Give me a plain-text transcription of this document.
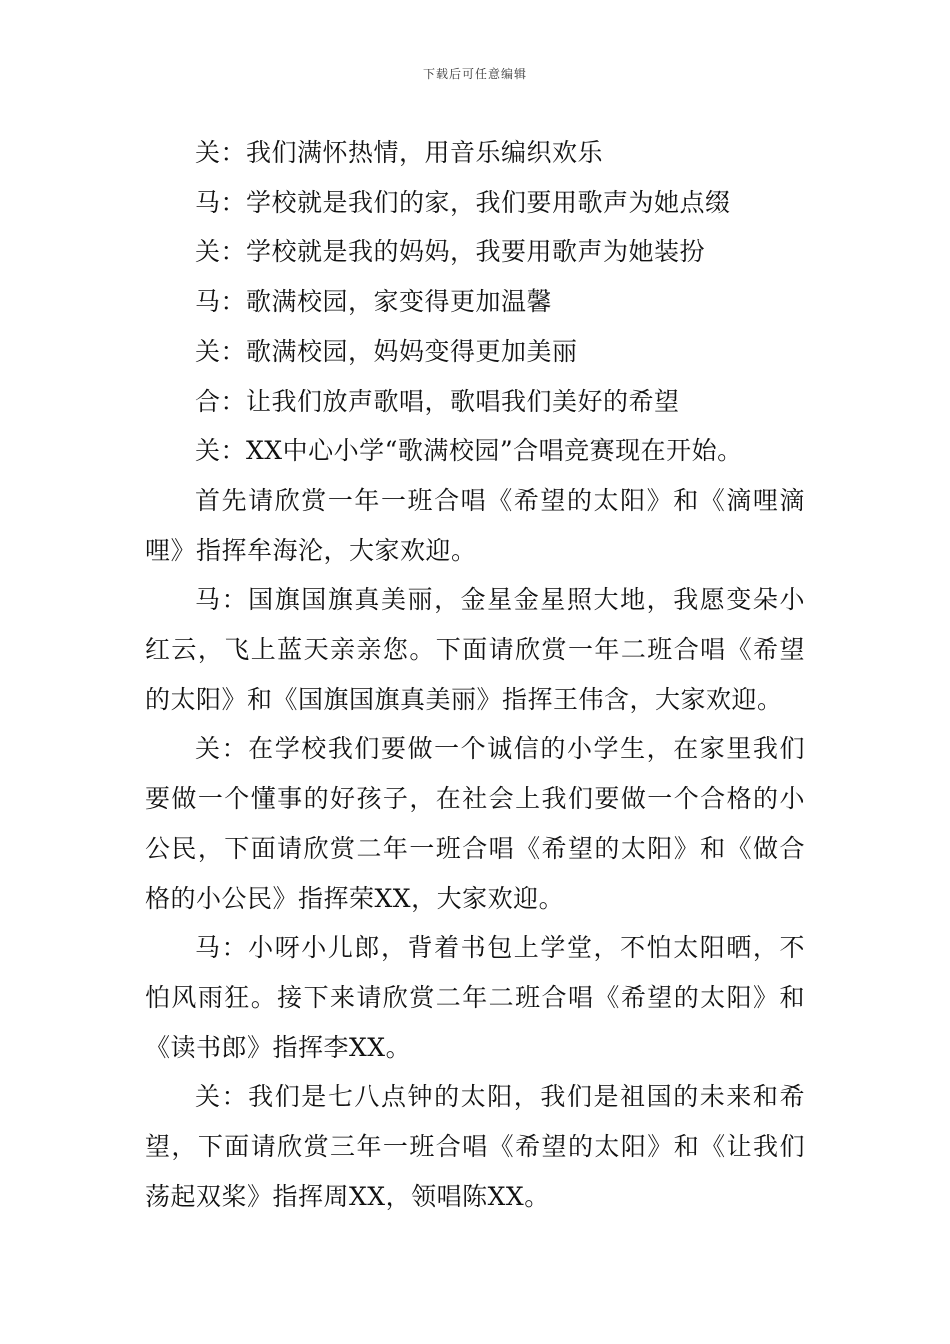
下载后可任意编辑

关：我们满怀热情，用音乐编织欢乐

马：学校就是我们的家，我们要用歌声为她点缀

关：学校就是我的妈妈，我要用歌声为她装扮

马：歌满校园，家变得更加温馨

关：歌满校园，妈妈变得更加美丽

合：让我们放声歌唱，歌唱我们美好的希望

关：XX中心小学“歌满校园”合唱竞赛现在开始。

首先请欣赏一年一班合唱《希望的太阳》和《滴哩滴哩》指挥牟海沦，大家欢迎。

马：国旗国旗真美丽，金星金星照大地，我愿变朵小红云，飞上蓝天亲亲您。下面请欣赏一年二班合唱《希望的太阳》和《国旗国旗真美丽》指挥王伟含，大家欢迎。

关：在学校我们要做一个诚信的小学生，在家里我们要做一个懂事的好孩子，在社会上我们要做一个合格的小公民，下面请欣赏二年一班合唱《希望的太阳》和《做合格的小公民》指挥荣XX，大家欢迎。

马：小呀小儿郎，背着书包上学堂，不怕太阳晒，不怕风雨狂。接下来请欣赏二年二班合唱《希望的太阳》和《读书郎》指挥李XX。

关：我们是七八点钟的太阳，我们是祖国的未来和希望，下面请欣赏三年一班合唱《希望的太阳》和《让我们荡起双桨》指挥周XX，领唱陈XX。
